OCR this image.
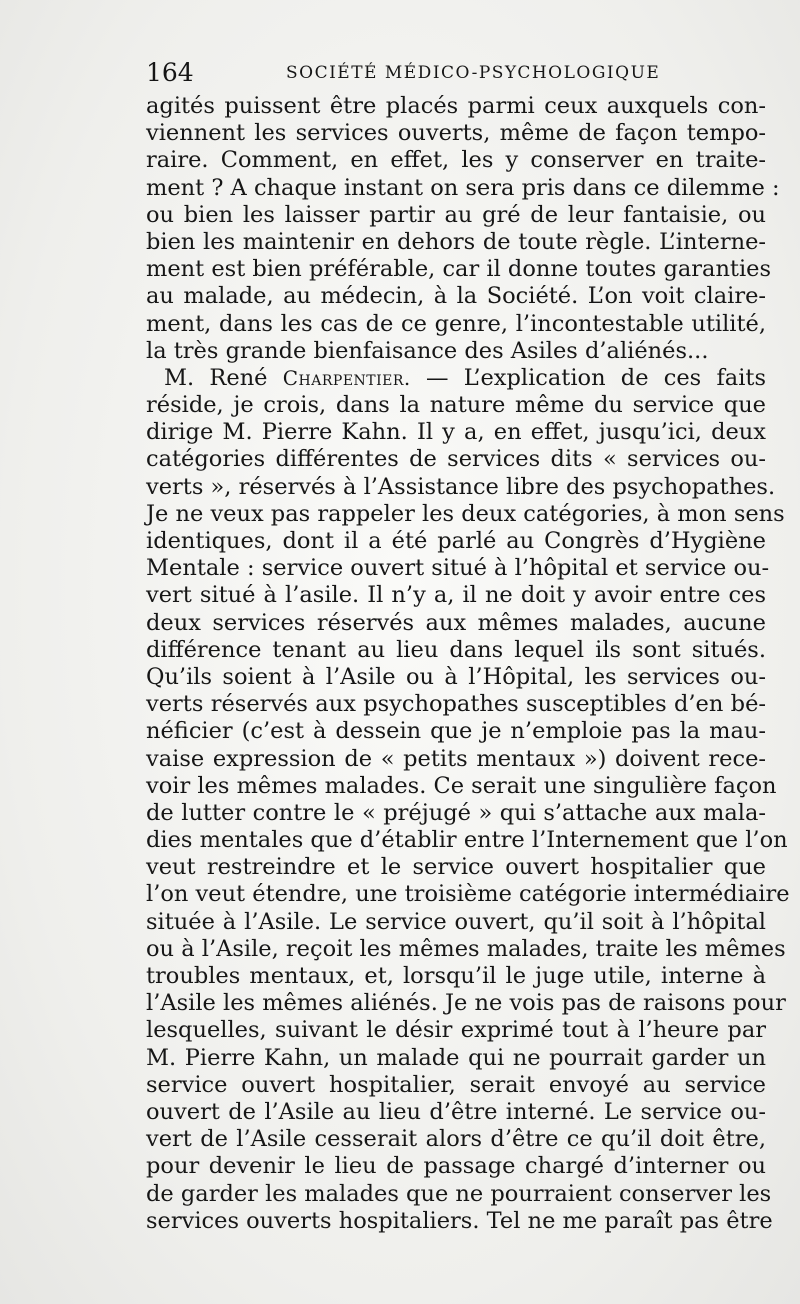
164	SOCIÉTÉ MÉDICO-PSYCHOLOGIQUE
agités puissent être placés parmi ceux auxquels con-
viennent les services ouverts, même de façon tempo-
raire. Comment, en effet, les y conserver en traite-
ment ? A chaque instant on sera pris dans ce dilemme :
ou bien les laisser partir au gré de leur fantaisie, ou
bien les maintenir en dehors de toute règle. L’interne-
ment est bien préférable, car il donne toutes garanties
au malade, au médecin, à la Société. L’on voit claire-
ment, dans les cas de ce genre, l’incontestable utilité,
la très grande bienfaisance des Asiles d’aliénés...
M. René Charpentier. — L’explication de ces faits
réside, je crois, dans la nature même du service que
dirige M. Pierre Kahn. Il y a, en effet, jusqu’ici, deux
catégories différentes de services dits « services ou-
verts », réservés à l’Assistance libre des psychopathes.
Je ne veux pas rappeler les deux catégories, à mon sens
identiques, dont il a été parlé au Congrès d’Hygiène
Mentale : service ouvert situé à l’hôpital et service ou-
vert situé à l’asile. Il n’y a, il ne doit y avoir entre ces
deux services réservés aux mêmes malades, aucune
différence tenant au lieu dans lequel ils sont situés.
Qu’ils soient à l’Asile ou à l’Hôpital, les services ou-
verts réservés aux psychopathes susceptibles d’en bé-
néficier (c’est à dessein que je n’emploie pas la mau-
vaise expression de « petits mentaux ») doivent rece-
voir les mêmes malades. Ce serait une singulière façon
de lutter contre le « préjugé » qui s’attache aux mala-
dies mentales que d’établir entre l’Internement que l’on
veut restreindre et le service ouvert hospitalier que
l’on veut étendre, une troisième catégorie intermédiaire
située à l’Asile. Le service ouvert, qu’il soit à l’hôpital
ou à l’Asile, reçoit les mêmes malades, traite les mêmes
troubles mentaux, et, lorsqu’il le juge utile, interne à
l’Asile les mêmes aliénés. Je ne vois pas de raisons pour
lesquelles, suivant le désir exprimé tout à l’heure par
M. Pierre Kahn, un malade qui ne pourrait garder un
service ouvert hospitalier, serait envoyé au service
ouvert de l’Asile au lieu d’être interné. Le service ou-
vert de l’Asile cesserait alors d’être ce qu’il doit être,
pour devenir le lieu de passage chargé d’interner ou
de garder les malades que ne pourraient conserver les
services ouverts hospitaliers. Tel ne me paraît pas être
